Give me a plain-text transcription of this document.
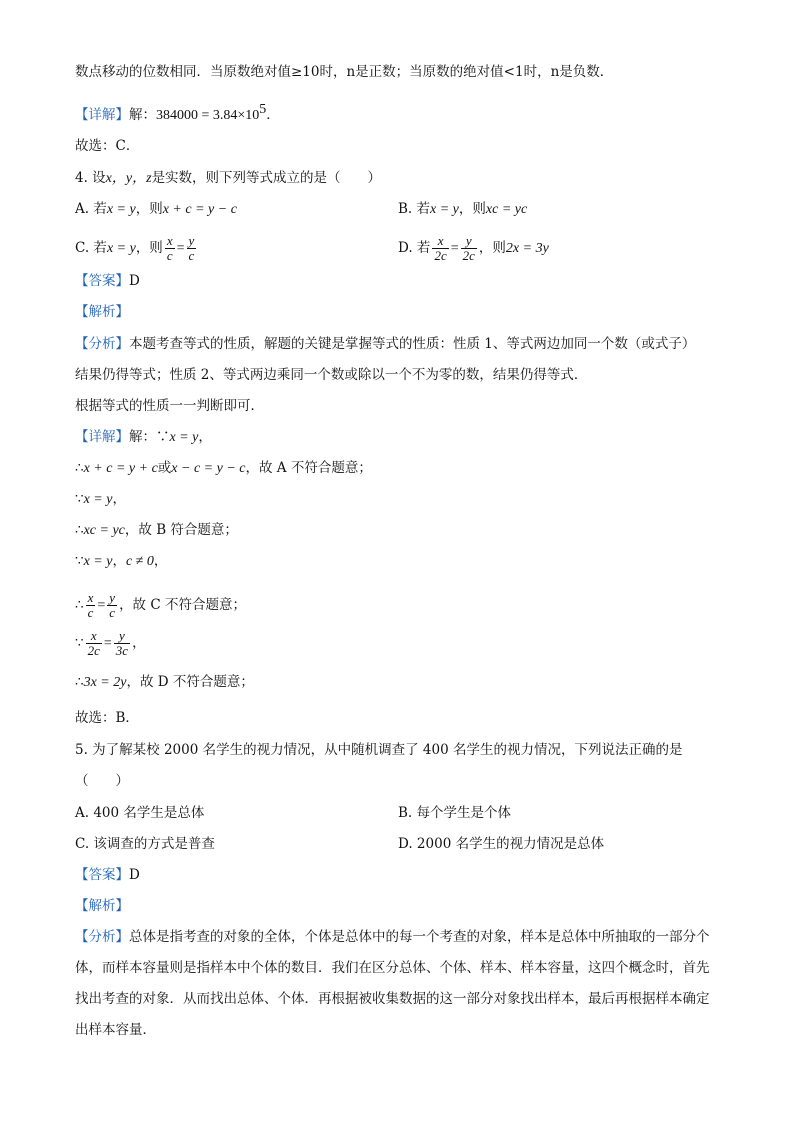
数点移动的位数相同．当原数绝对值≥10时，n是正数；当原数的绝对值<1时，n是负数．
【详解】解：$384000 = 3.84\times 10^5$．
故选：C．
4. 设x，y，z是实数，则下列等式成立的是（　　）
A. 若x = y，则x + c = y − c	B. 若x = y，则xc = yc
C. 若x = y，则 $\frac{x}{c} = \frac{y}{c}$	D. 若 $\frac{x}{2c} = \frac{y}{2c}$ ，则2x = 3y
【答案】D
【解析】
【分析】本题考查等式的性质，解题的关键是掌握等式的性质：性质 1、等式两边加同一个数（或式子）
结果仍得等式；性质 2、等式两边乘同一个数或除以一个不为零的数，结果仍得等式．
根据等式的性质一一判断即可．
【详解】解：∵x = y，
∴x + c = y + c或x − c = y − c，故 A 不符合题意；
∵x = y，
∴xc = yc，故 B 符合题意；
∵x = y，c ≠ 0，
∴ $\frac{x}{c} = \frac{y}{c}$ ，故 C 不符合题意；
∵ $\frac{x}{2c} = \frac{y}{3c}$ ，
∴3x = 2y，故 D 不符合题意；
故选：B．
5. 为了解某校 2000 名学生的视力情况，从中随机调查了 400 名学生的视力情况，下列说法正确的是
（　　）
A. 400 名学生是总体	B. 每个学生是个体
C. 该调查的方式是普查	D. 2000 名学生的视力情况是总体
【答案】D
【解析】
【分析】总体是指考查的对象的全体，个体是总体中的每一个考查的对象，样本是总体中所抽取的一部分个体，而样本容量则是指样本中个体的数目．我们在区分总体、个体、样本、样本容量，这四个概念时，首先找出考查的对象．从而找出总体、个体．再根据被收集数据的这一部分对象找出样本，最后再根据样本确定出样本容量．
